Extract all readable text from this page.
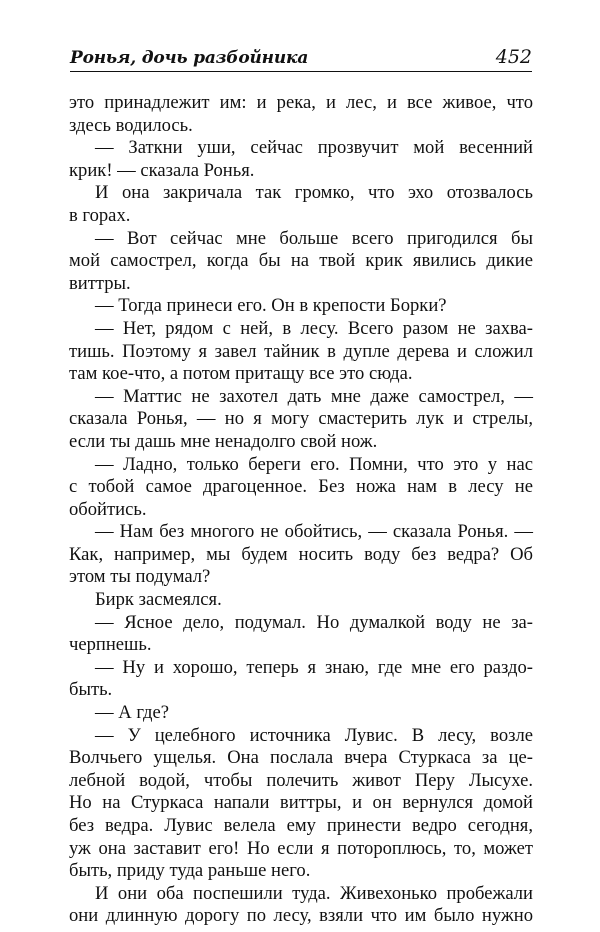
Ронья, дочь разбойника	452

это принадлежит им: и река, и лес, и все живое, что
здесь водилось.

— Заткни уши, сейчас прозвучит мой весенний
крик! — сказала Ронья.

И она закричала так громко, что эхо отозвалось
в горах.

— Вот сейчас мне больше всего пригодился бы
мой самострел, когда бы на твой крик явились дикие
виттры.

— Тогда принеси его. Он в крепости Борки?

— Нет, рядом с ней, в лесу. Всего разом не захва-
тишь. Поэтому я завел тайник в дупле дерева и сложил
там кое-что, а потом притащу все это сюда.

— Маттис не захотел дать мне даже самострел, —
сказала Ронья, — но я могу смастерить лук и стрелы,
если ты дашь мне ненадолго свой нож.

— Ладно, только береги его. Помни, что это у нас
с тобой самое драгоценное. Без ножа нам в лесу не
обойтись.

— Нам без многого не обойтись, — сказала Ронья. —
Как, например, мы будем носить воду без ведра? Об
этом ты подумал?

Бирк засмеялся.

— Ясное дело, подумал. Но думалкой воду не за-
черпнешь.

— Ну и хорошо, теперь я знаю, где мне его раздо-
быть.

— А где?

— У целебного источника Лувис. В лесу, возле
Волчьего ущелья. Она послала вчера Стуркаса за це-
лебной водой, чтобы полечить живот Перу Лысухе.
Но на Стуркаса напали виттры, и он вернулся домой
без ведра. Лувис велела ему принести ведро сегодня,
уж она заставит его! Но если я потороплюсь, то, может
быть, приду туда раньше него.

И они оба поспешили туда. Живехонько пробежали
они длинную дорогу по лесу, взяли что им было нужно
